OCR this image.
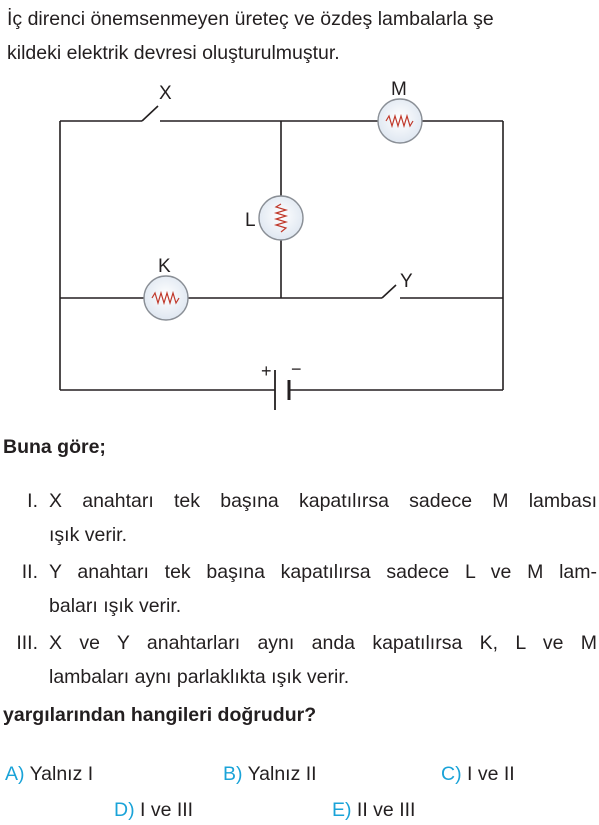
İç direnci önemsenmeyen üreteç ve özdeş lambalarla şe
kildeki elektrik devresi oluşturulmuştur.
X	M
L
K
Y
+ −
Buna göre;
I. X anahtarı tek başına kapatılırsa sadece M lambası
ışık verir.
II. Y anahtarı tek başına kapatılırsa sadece L ve M lam-
baları ışık verir.
III. X ve Y anahtarları aynı anda kapatılırsa K, L ve M
lambaları aynı parlaklıkta ışık verir.
yargılarından hangileri doğrudur?
A) Yalnız I	B) Yalnız II	C) I ve II
D) I ve III	E) II ve III
